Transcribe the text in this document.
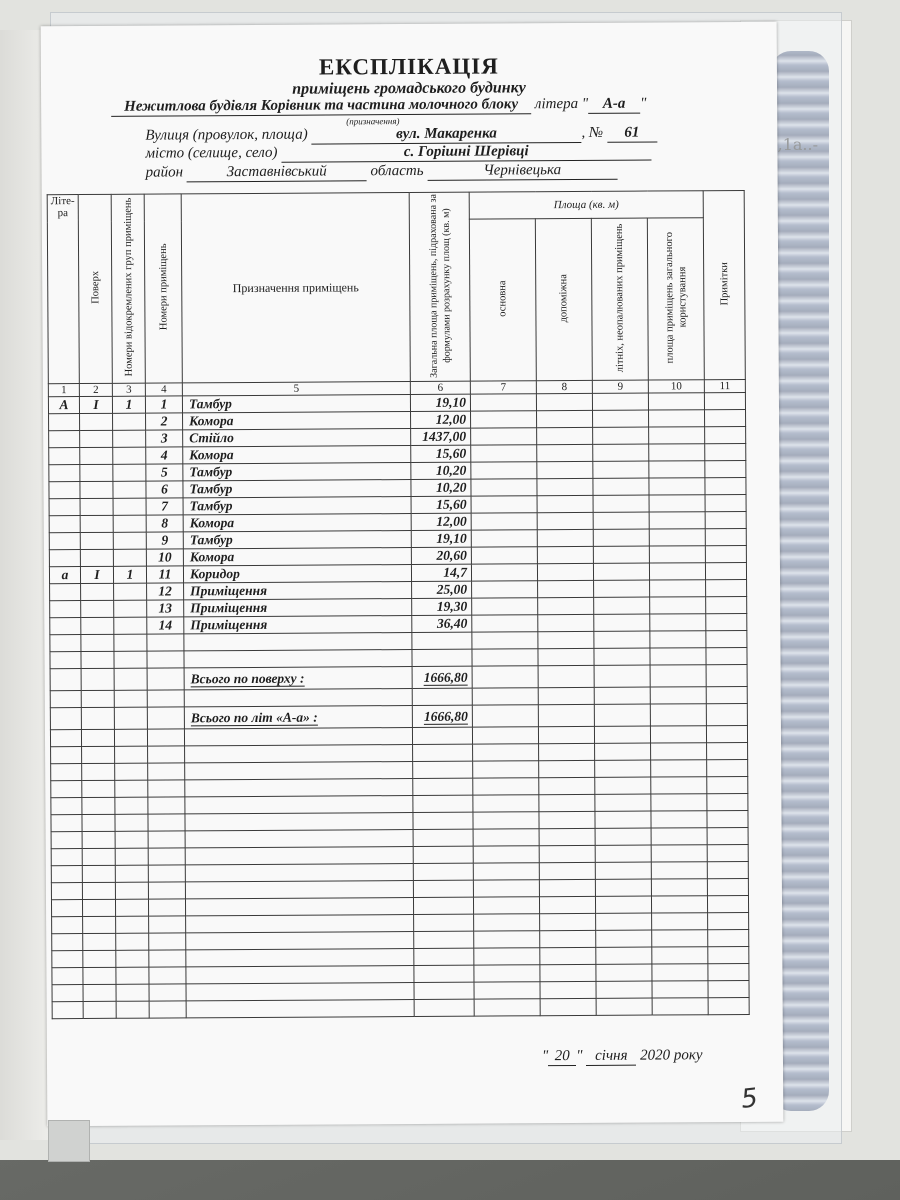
ЕКСПЛІКАЦІЯ
приміщень громадського будинку
Нежитлова будівля Корівник та частина молочного блоку літера " А-а "
(призначення)
Вулиця (провулок, площа)	вул. Макаренка	, № 61
місто (селище, село)	с. Горішні Шерівці
район	Заставнівський	область	Чернівецька
Літе-ра	Поверх	Номери відокремлених груп приміщень	Номери приміщень	Призначення приміщень	Загальна площа приміщень, підрахована за формулами розрахунку площ (кв. м)	Площа (кв. м)				Примітки
						основна	допоміжна	літніх, неопалюваних приміщень	площа приміщень загального користування	
1	2	3	4	5	6	7	8	9	10	11
А	І	1	1	Тамбур	19,10					
			2	Комора	12,00					
			3	Стійло	1437,00					
			4	Комора	15,60					
			5	Тамбур	10,20					
			6	Тамбур	10,20					
			7	Тамбур	15,60					
			8	Комора	12,00					
			9	Тамбур	19,10					
			10	Комора	20,60					
а	І	1	11	Коридор	14,7					
			12	Приміщення	25,00					
			13	Приміщення	19,30					
			14	Приміщення	36,40					

				Всього по поверху :	1666,80					

				Всього по літ «А-а» :	1666,80					

" 20 " січня 2020 року
5
